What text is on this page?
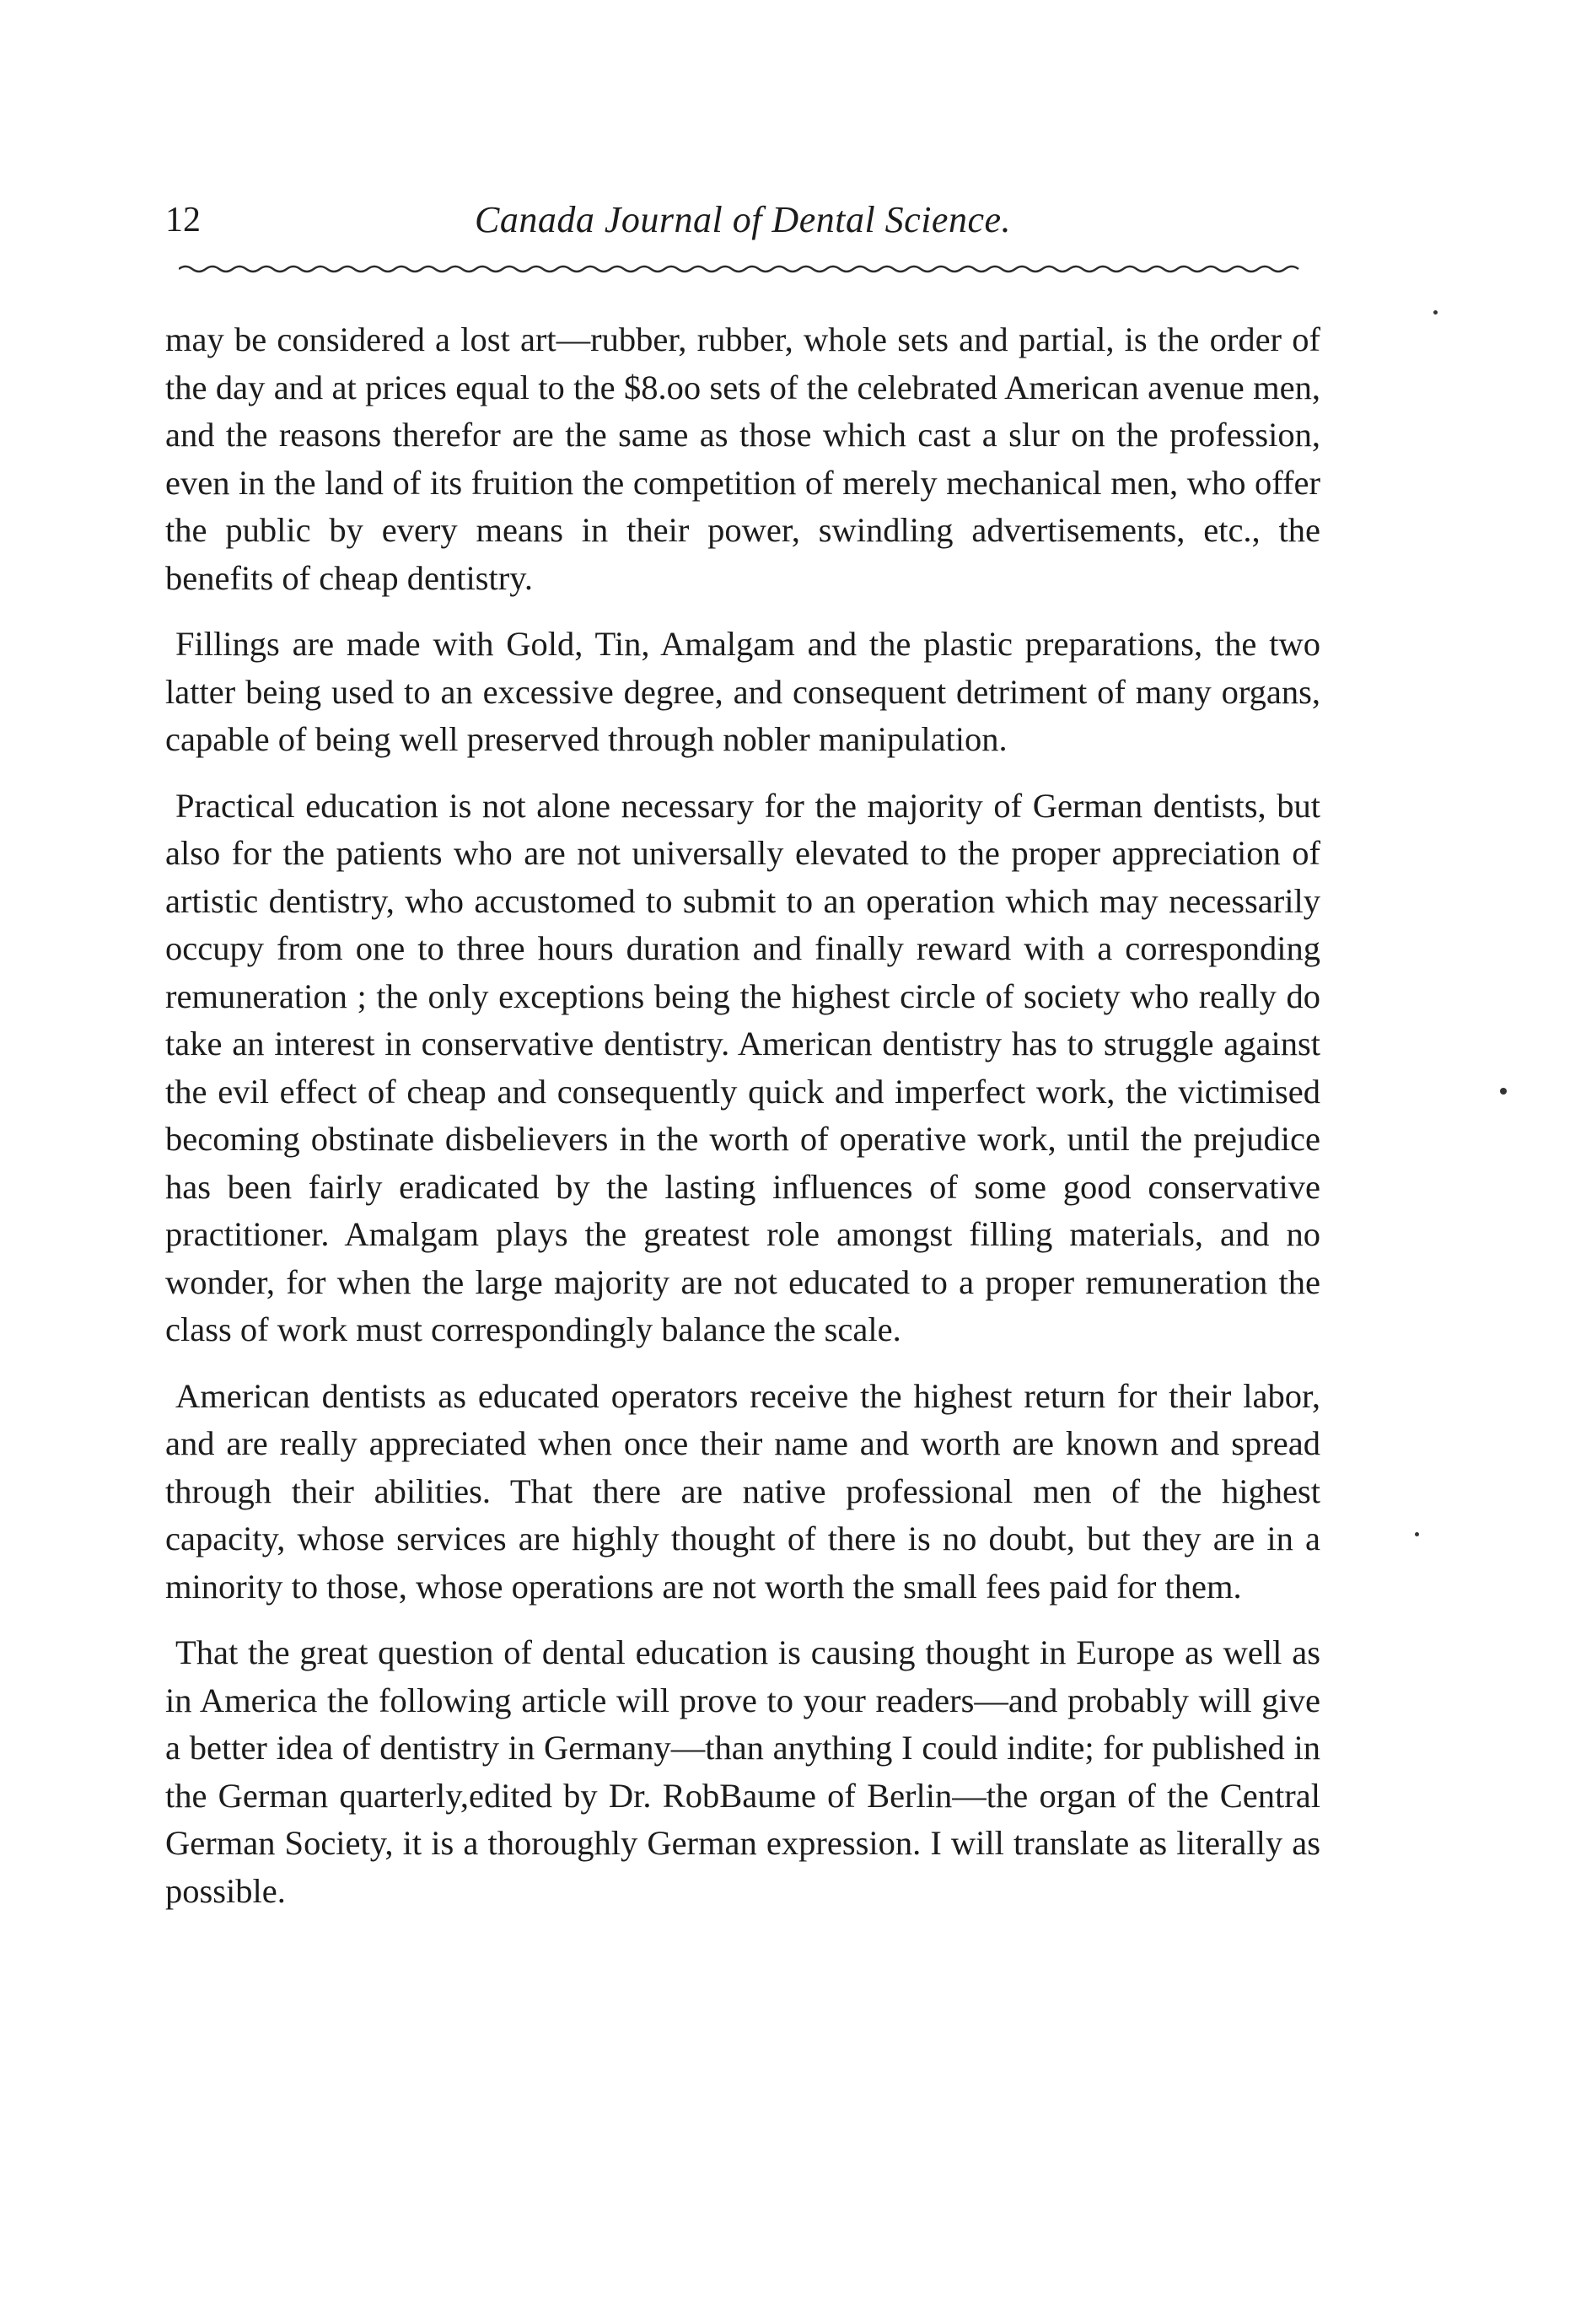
12	Canada Journal of Dental Science.

may be considered a lost art—rubber, rubber, whole sets and partial, is the order of the day and at prices equal to the $8.oo sets of the celebrated American avenue men, and the reasons therefor are the same as those which cast a slur on the profession, even in the land of its fruition the competition of merely mechanical men, who offer the public by every means in their power, swindling advertisements, etc., the benefits of cheap dentistry.

Fillings are made with Gold, Tin, Amalgam and the plastic preparations, the two latter being used to an excessive degree, and consequent detriment of many organs, capable of being well preserved through nobler manipulation.

Practical education is not alone necessary for the majority of German dentists, but also for the patients who are not universally elevated to the proper appreciation of artistic dentistry, who accustomed to submit to an operation which may necessarily occupy from one to three hours duration and finally reward with a corresponding remuneration ; the only exceptions being the highest circle of society who really do take an interest in conservative dentistry. American dentistry has to struggle against the evil effect of cheap and consequently quick and imperfect work, the victimised becoming obstinate disbelievers in the worth of operative work, until the prejudice has been fairly eradicated by the lasting influences of some good conservative practitioner. Amalgam plays the greatest role amongst filling materials, and no wonder, for when the large majority are not educated to a proper remuneration the class of work must correspondingly balance the scale.

American dentists as educated operators receive the highest return for their labor, and are really appreciated when once their name and worth are known and spread through their abilities. That there are native professional men of the highest capacity, whose services are highly thought of there is no doubt, but they are in a minority to those, whose operations are not worth the small fees paid for them.

That the great question of dental education is causing thought in Europe as well as in America the following article will prove to your readers—and probably will give a better idea of dentistry in Germany—than anything I could indite; for published in the German quarterly,edited by Dr. RobBaume of Berlin—the organ of the Central German Society, it is a thoroughly German expression. I will translate as literally as possible.
